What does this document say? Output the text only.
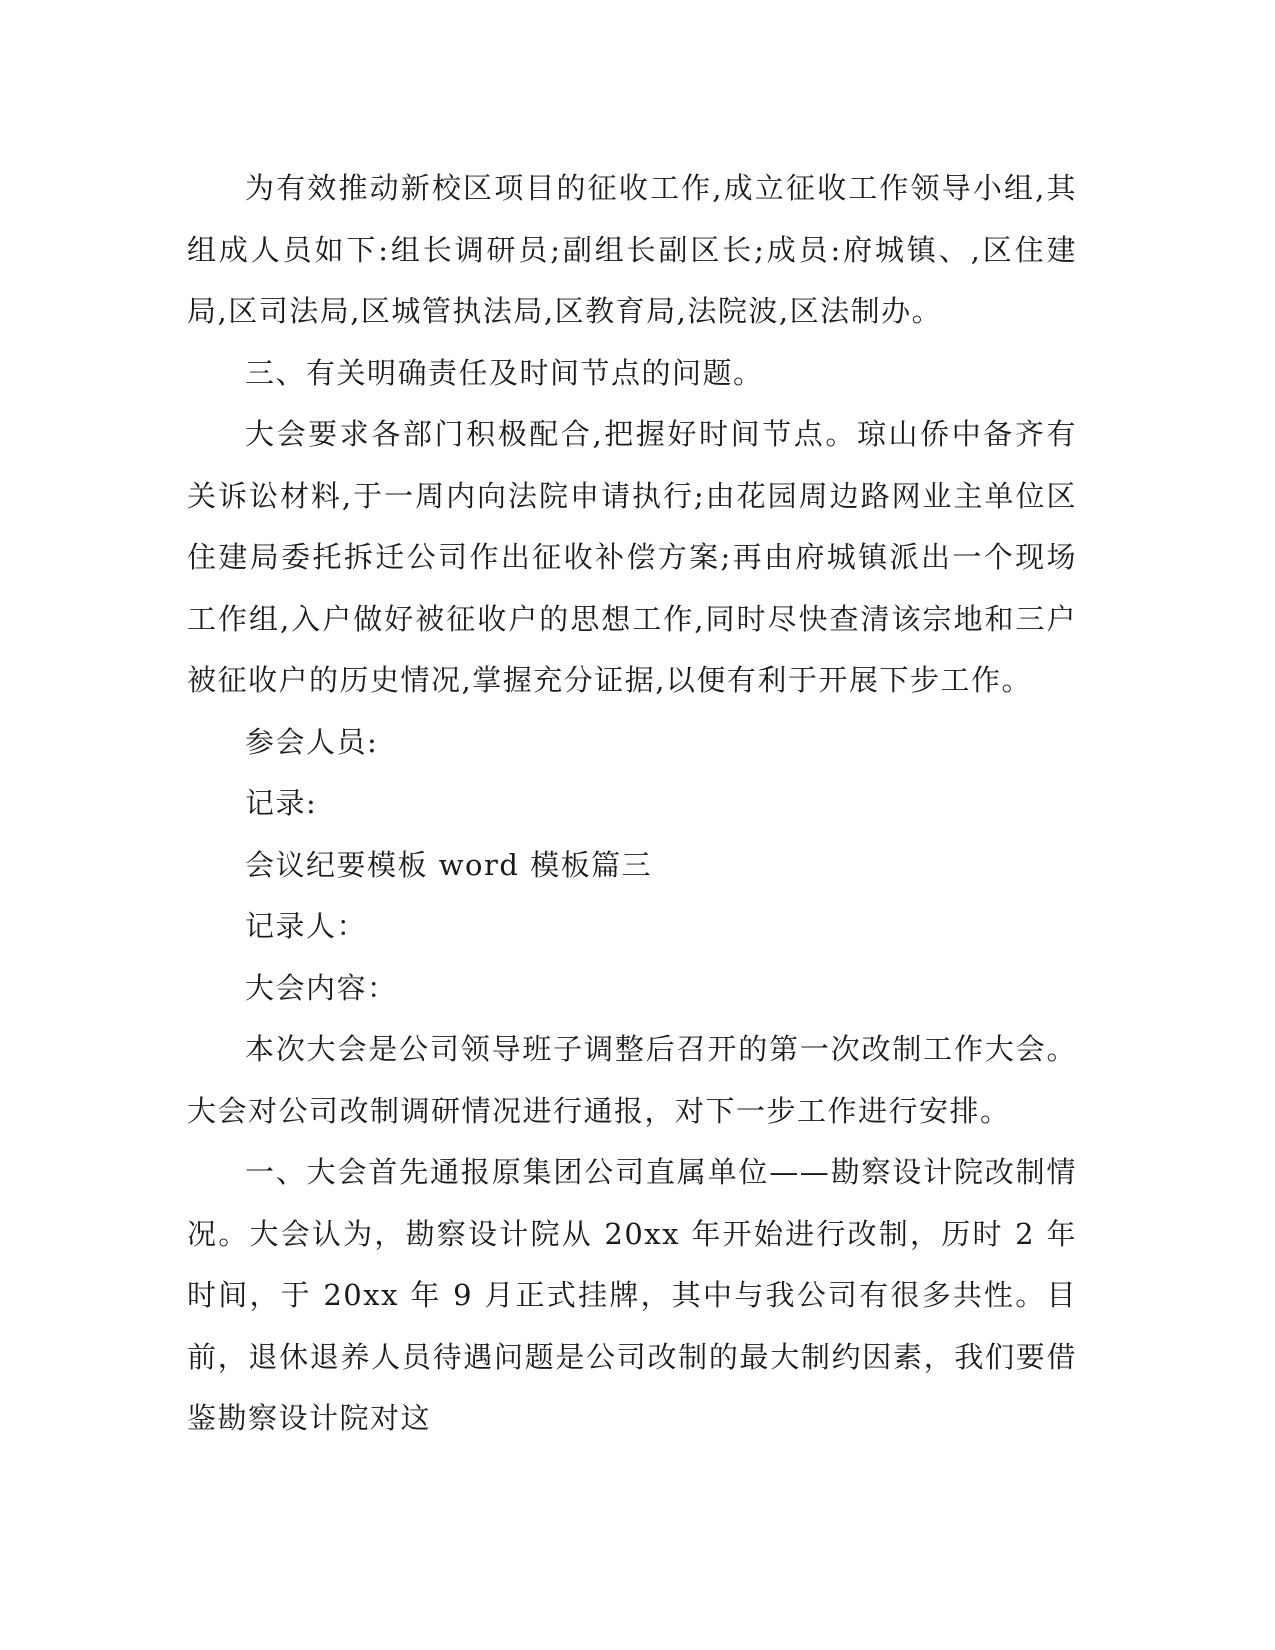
为有效推动新校区项目的征收工作,成立征收工作领导小组,其组成人员如下:组长调研员;副组长副区长;成员:府城镇、,区住建局,区司法局,区城管执法局,区教育局,法院波,区法制办。

三、有关明确责任及时间节点的问题。

大会要求各部门积极配合,把握好时间节点。琼山侨中备齐有关诉讼材料,于一周内向法院申请执行;由花园周边路网业主单位区住建局委托拆迁公司作出征收补偿方案;再由府城镇派出一个现场工作组,入户做好被征收户的思想工作,同时尽快查清该宗地和三户被征收户的历史情况,掌握充分证据,以便有利于开展下步工作。

参会人员:

记录:

会议纪要模板 word 模板篇三

记录人：

大会内容：

本次大会是公司领导班子调整后召开的第一次改制工作大会。大会对公司改制调研情况进行通报，对下一步工作进行安排。

一、大会首先通报原集团公司直属单位——勘察设计院改制情况。大会认为，勘察设计院从 20xx 年开始进行改制，历时 2 年时间，于 20xx 年 9 月正式挂牌，其中与我公司有很多共性。目前，退休退养人员待遇问题是公司改制的最大制约因素，我们要借鉴勘察设计院对这
